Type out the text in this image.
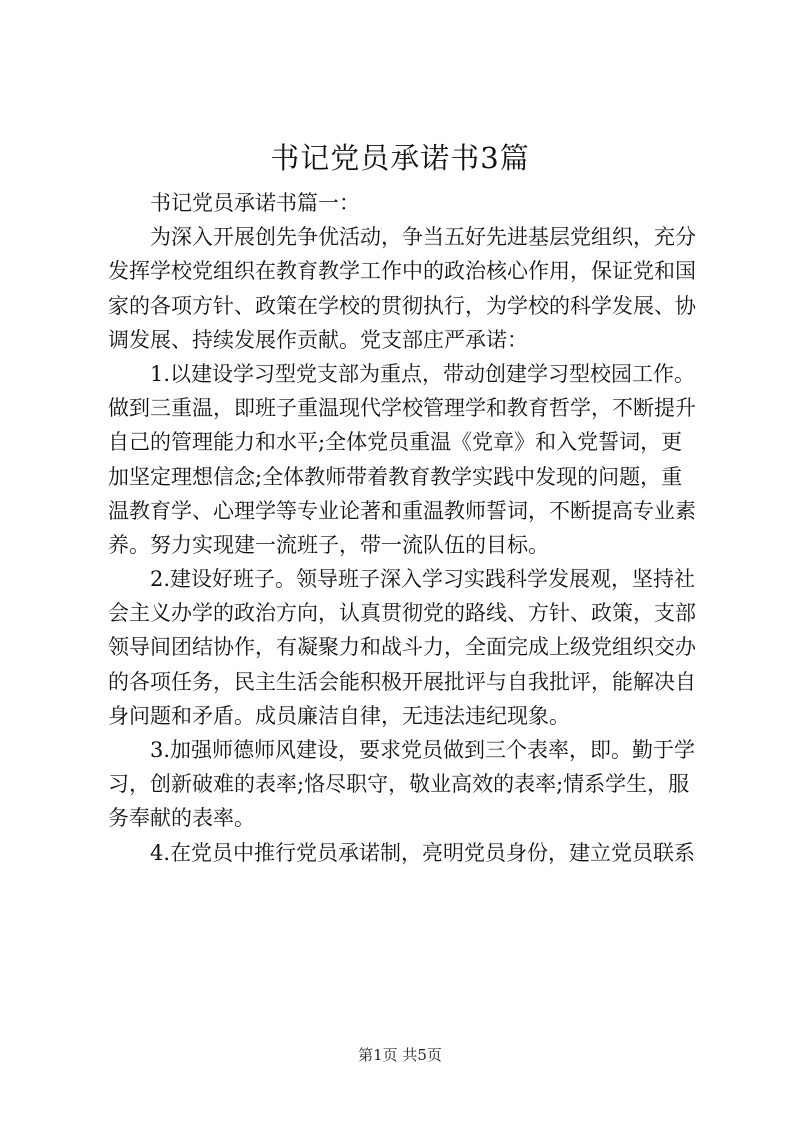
书记党员承诺书3篇
书记党员承诺书篇一：
为深入开展创先争优活动，争当五好先进基层党组织，充分
发挥学校党组织在教育教学工作中的政治核心作用，保证党和国
家的各项方针、政策在学校的贯彻执行，为学校的科学发展、协
调发展、持续发展作贡献。党支部庄严承诺：
1.以建设学习型党支部为重点，带动创建学习型校园工作。
做到三重温，即班子重温现代学校管理学和教育哲学，不断提升
自己的管理能力和水平;全体党员重温《党章》和入党誓词，更
加坚定理想信念;全体教师带着教育教学实践中发现的问题，重
温教育学、心理学等专业论著和重温教师誓词，不断提高专业素
养。努力实现建一流班子，带一流队伍的目标。
2.建设好班子。领导班子深入学习实践科学发展观，坚持社
会主义办学的政治方向，认真贯彻党的路线、方针、政策，支部
领导间团结协作，有凝聚力和战斗力，全面完成上级党组织交办
的各项任务，民主生活会能积极开展批评与自我批评，能解决自
身问题和矛盾。成员廉洁自律，无违法违纪现象。
3.加强师德师风建设，要求党员做到三个表率，即。勤于学
习，创新破难的表率;恪尽职守，敬业高效的表率;情系学生，服
务奉献的表率。
4.在党员中推行党员承诺制，亮明党员身份，建立党员联系
第1页 共5页
